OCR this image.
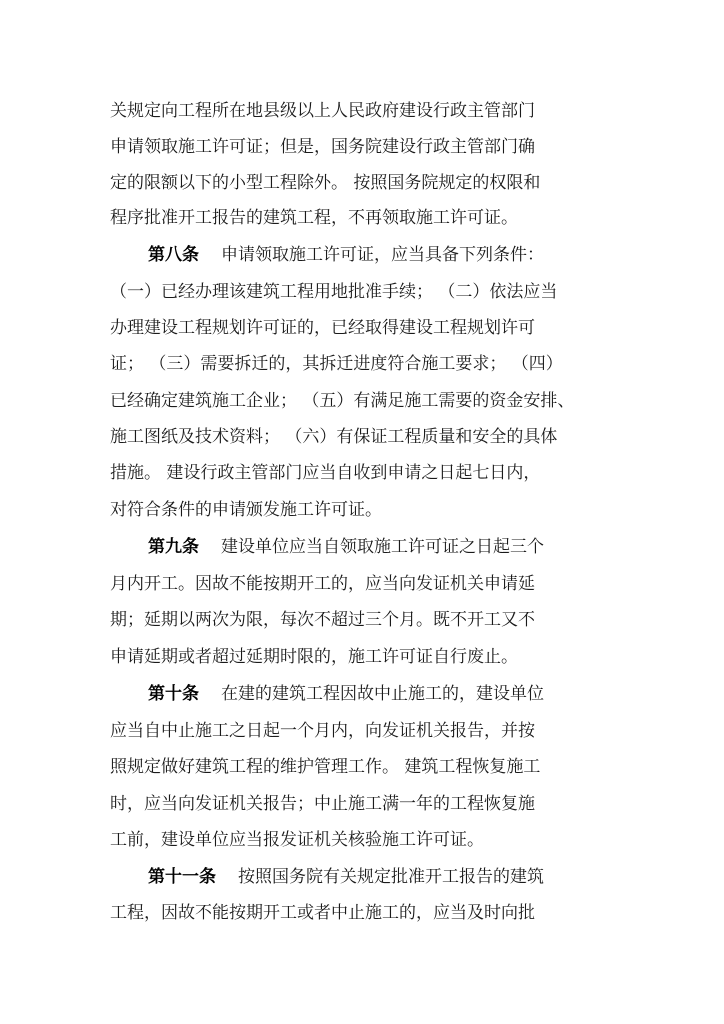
关规定向工程所在地县级以上人民政府建设行政主管部门
申请领取施工许可证；但是，国务院建设行政主管部门确
定的限额以下的小型工程除外。 按照国务院规定的权限和
程序批准开工报告的建筑工程，不再领取施工许可证。
第八条 申请领取施工许可证，应当具备下列条件：
（一）已经办理该建筑工程用地批准手续； （二）依法应当
办理建设工程规划许可证的，已经取得建设工程规划许可
证； （三）需要拆迁的，其拆迁进度符合施工要求； （四）
已经确定建筑施工企业； （五）有满足施工需要的资金安排、
施工图纸及技术资料； （六）有保证工程质量和安全的具体
措施。 建设行政主管部门应当自收到申请之日起七日内，
对符合条件的申请颁发施工许可证。
第九条 建设单位应当自领取施工许可证之日起三个
月内开工。因故不能按期开工的，应当向发证机关申请延
期；延期以两次为限，每次不超过三个月。既不开工又不
申请延期或者超过延期时限的，施工许可证自行废止。
第十条 在建的建筑工程因故中止施工的，建设单位
应当自中止施工之日起一个月内，向发证机关报告，并按
照规定做好建筑工程的维护管理工作。 建筑工程恢复施工
时，应当向发证机关报告；中止施工满一年的工程恢复施
工前，建设单位应当报发证机关核验施工许可证。
第十一条 按照国务院有关规定批准开工报告的建筑
工程，因故不能按期开工或者中止施工的，应当及时向批
